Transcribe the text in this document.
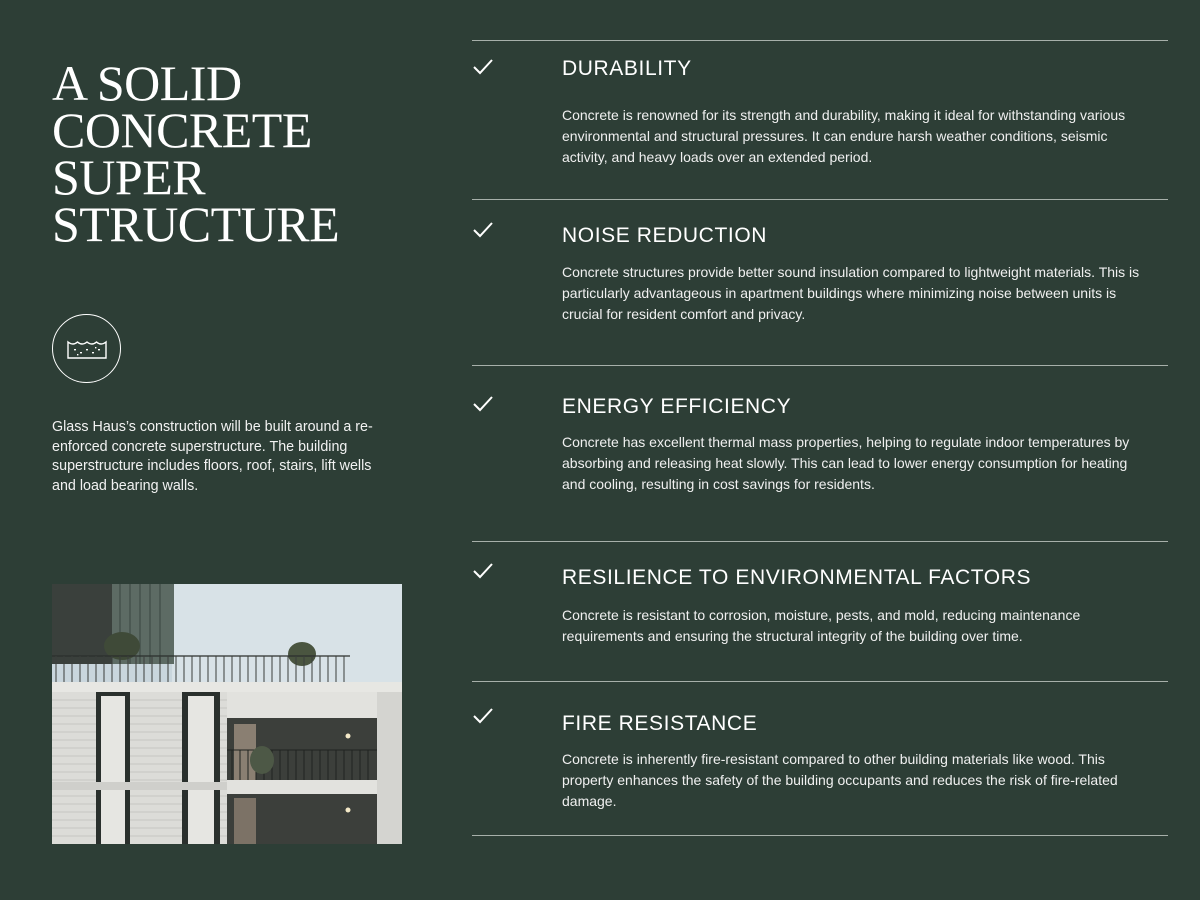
A SOLID
CONCRETE
SUPER
STRUCTURE

Glass Haus’s construction will be built around a re-enforced concrete superstructure. The building superstructure includes floors, roof, stairs, lift wells and load bearing walls.

DURABILITY

Concrete is renowned for its strength and durability, making it ideal for withstanding various environmental and structural pressures. It can endure harsh weather conditions, seismic activity, and heavy loads over an extended period.

NOISE REDUCTION

Concrete structures provide better sound insulation compared to lightweight materials. This is particularly advantageous in apartment buildings where minimizing noise between units is crucial for resident comfort and privacy.

ENERGY EFFICIENCY

Concrete has excellent thermal mass properties, helping to regulate indoor temperatures by absorbing and releasing heat slowly. This can lead to lower energy consumption for heating and cooling, resulting in cost savings for residents.

RESILIENCE TO ENVIRONMENTAL FACTORS

Concrete is resistant to corrosion, moisture, pests, and mold, reducing maintenance requirements and ensuring the structural integrity of the building over time.

FIRE RESISTANCE

Concrete is inherently fire-resistant compared to other building materials like wood. This property enhances the safety of the building occupants and reduces the risk of fire-related damage.
